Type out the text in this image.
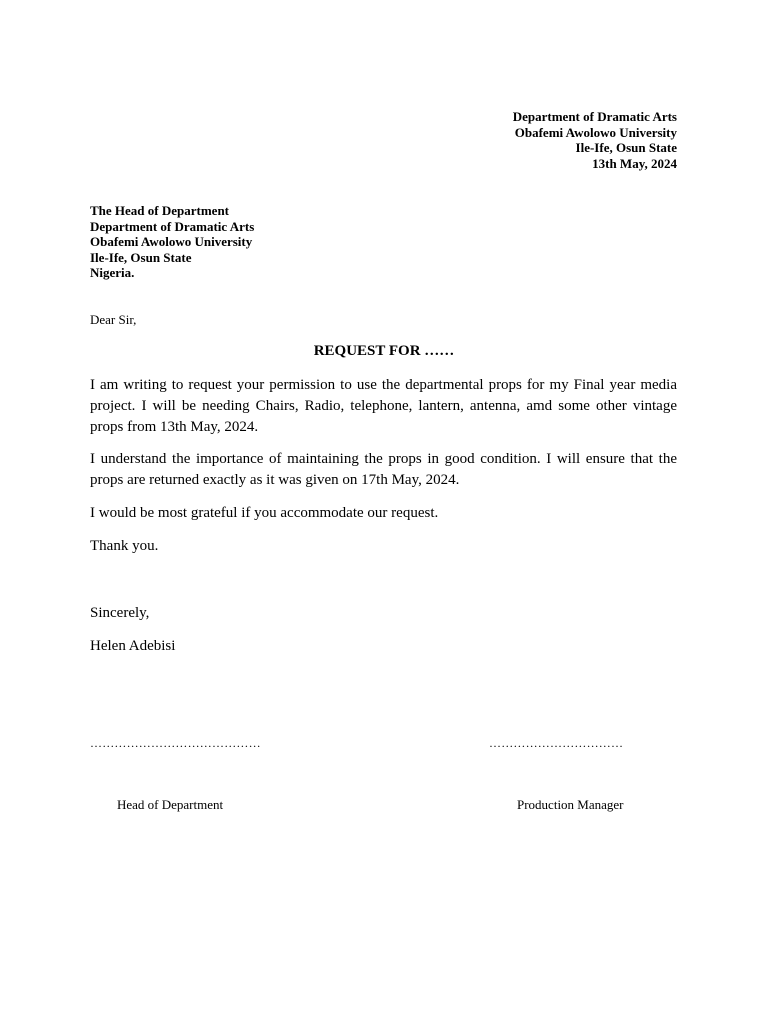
Department of Dramatic Arts
Obafemi Awolowo University
Ile-Ife, Osun State
13th May, 2024
The Head of Department
Department of Dramatic Arts
Obafemi Awolowo University
Ile-Ife, Osun State
Nigeria.
Dear Sir,
REQUEST FOR ……

I am writing to request your permission to use the departmental props for my Final year media project. I will be needing Chairs, Radio, telephone, lantern, antenna, amd some other vintage props from 13th May, 2024.

I understand the importance of maintaining the props in good condition. I will ensure that the props are returned exactly as it was given on 17th May, 2024.

I would be most grateful if you accommodate our request.

Thank you.

Sincerely,

Helen Adebisi

……………………………………	……………………………
Head of Department	Production Manager
